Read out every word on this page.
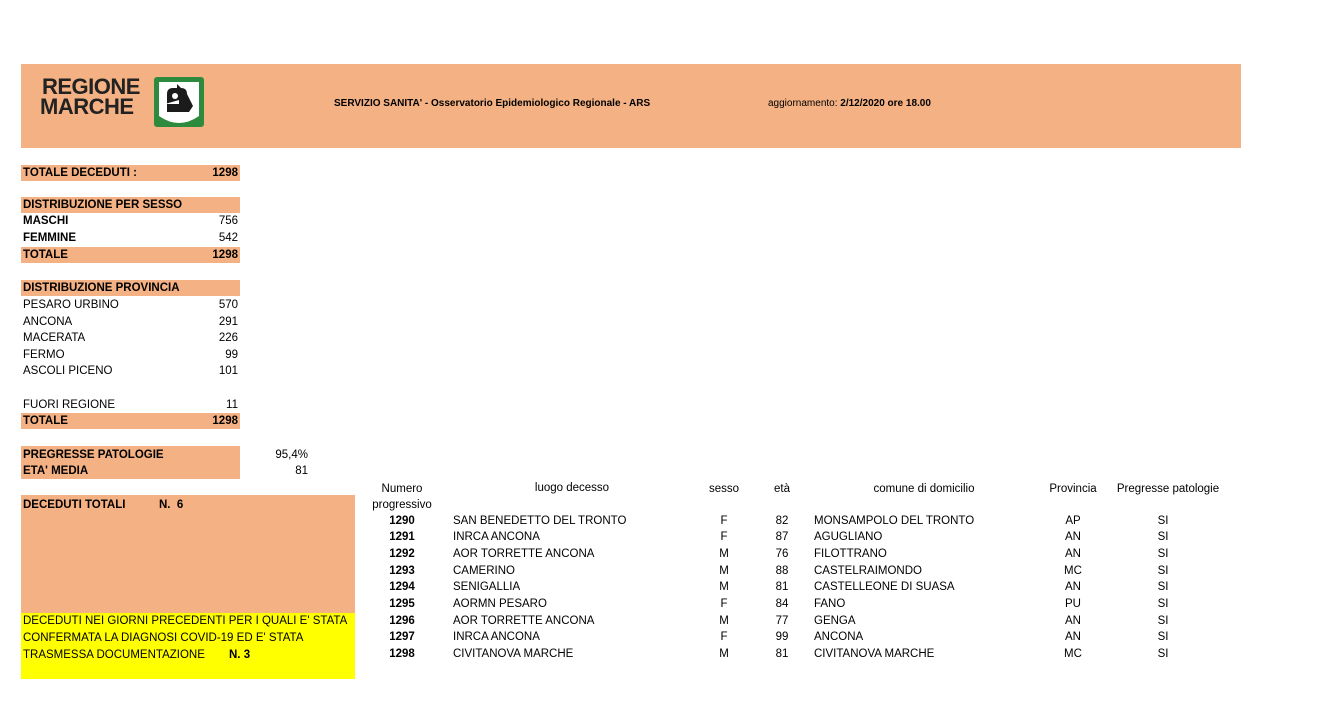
REGIONE
MARCHE	SERVIZIO SANITA' - Osservatorio Epidemiologico Regionale - ARS	aggiornamento: 2/12/2020 ore 18.00
TOTALE DECEDUTI :	1298
DISTRIBUZIONE PER SESSO
MASCHI	756
FEMMINE	542
TOTALE	1298
DISTRIBUZIONE PROVINCIA
PESARO URBINO	570
ANCONA	291
MACERATA	226
FERMO	99
ASCOLI PICENO	101
FUORI REGIONE	11
TOTALE	1298
PREGRESSE PATOLOGIE	95,4%
ETA' MEDIA	81
DECEDUTI TOTALI	N.  6
DECEDUTI NEI GIORNI PRECEDENTI PER I QUALI E' STATA
CONFERMATA LA DIAGNOSI COVID-19 ED E' STATA
TRASMESSA DOCUMENTAZIONE N. 3
Numero
progressivo
luogo decesso	sesso	età	comune di domicilio	Provincia	Pregresse patologie
1290	SAN BENEDETTO DEL TRONTO	F	82	MONSAMPOLO DEL TRONTO	AP	SI
1291	INRCA ANCONA	F	87	AGUGLIANO	AN	SI
1292	AOR TORRETTE ANCONA	M	76	FILOTTRANO	AN	SI
1293	CAMERINO	M	88	CASTELRAIMONDO	MC	SI
1294	SENIGALLIA	M	81	CASTELLEONE DI SUASA	AN	SI
1295	AORMN PESARO	F	84	FANO	PU	SI
1296	AOR TORRETTE ANCONA	M	77	GENGA	AN	SI
1297	INRCA ANCONA	F	99	ANCONA	AN	SI
1298	CIVITANOVA MARCHE	M	81	CIVITANOVA MARCHE	MC	SI
